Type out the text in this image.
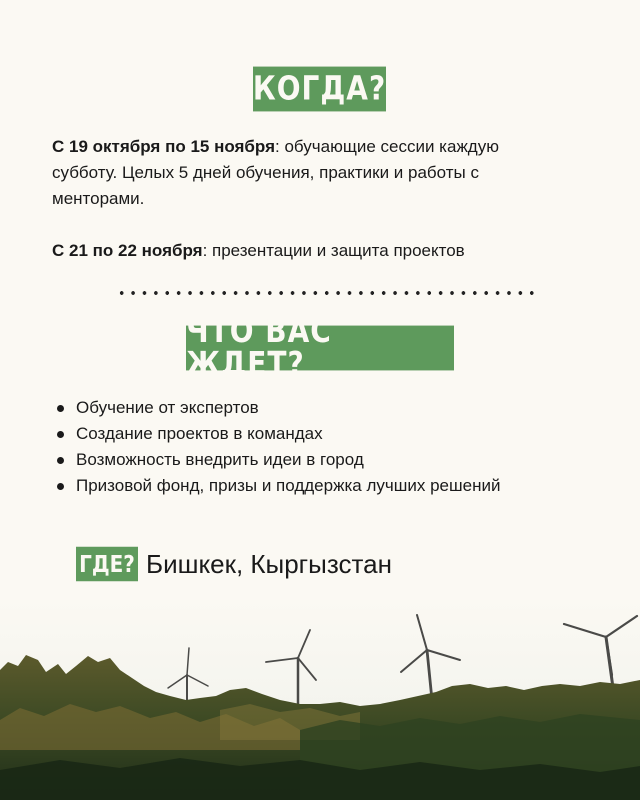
КОГДА?
С 19 октября по 15 ноября: обучающие сессии каждую субботу. Целых 5 дней обучения, практики и работы с менторами.
С 21 по 22 ноября: презентации и защита проектов
ЧТО ВАС ЖДЕТ?
Обучение от экспертов
Создание проектов в командах
Возможность внедрить идеи в город
Призовой фонд, призы и поддержка лучших решений
ГДЕ? Бишкек, Кыргызстан
